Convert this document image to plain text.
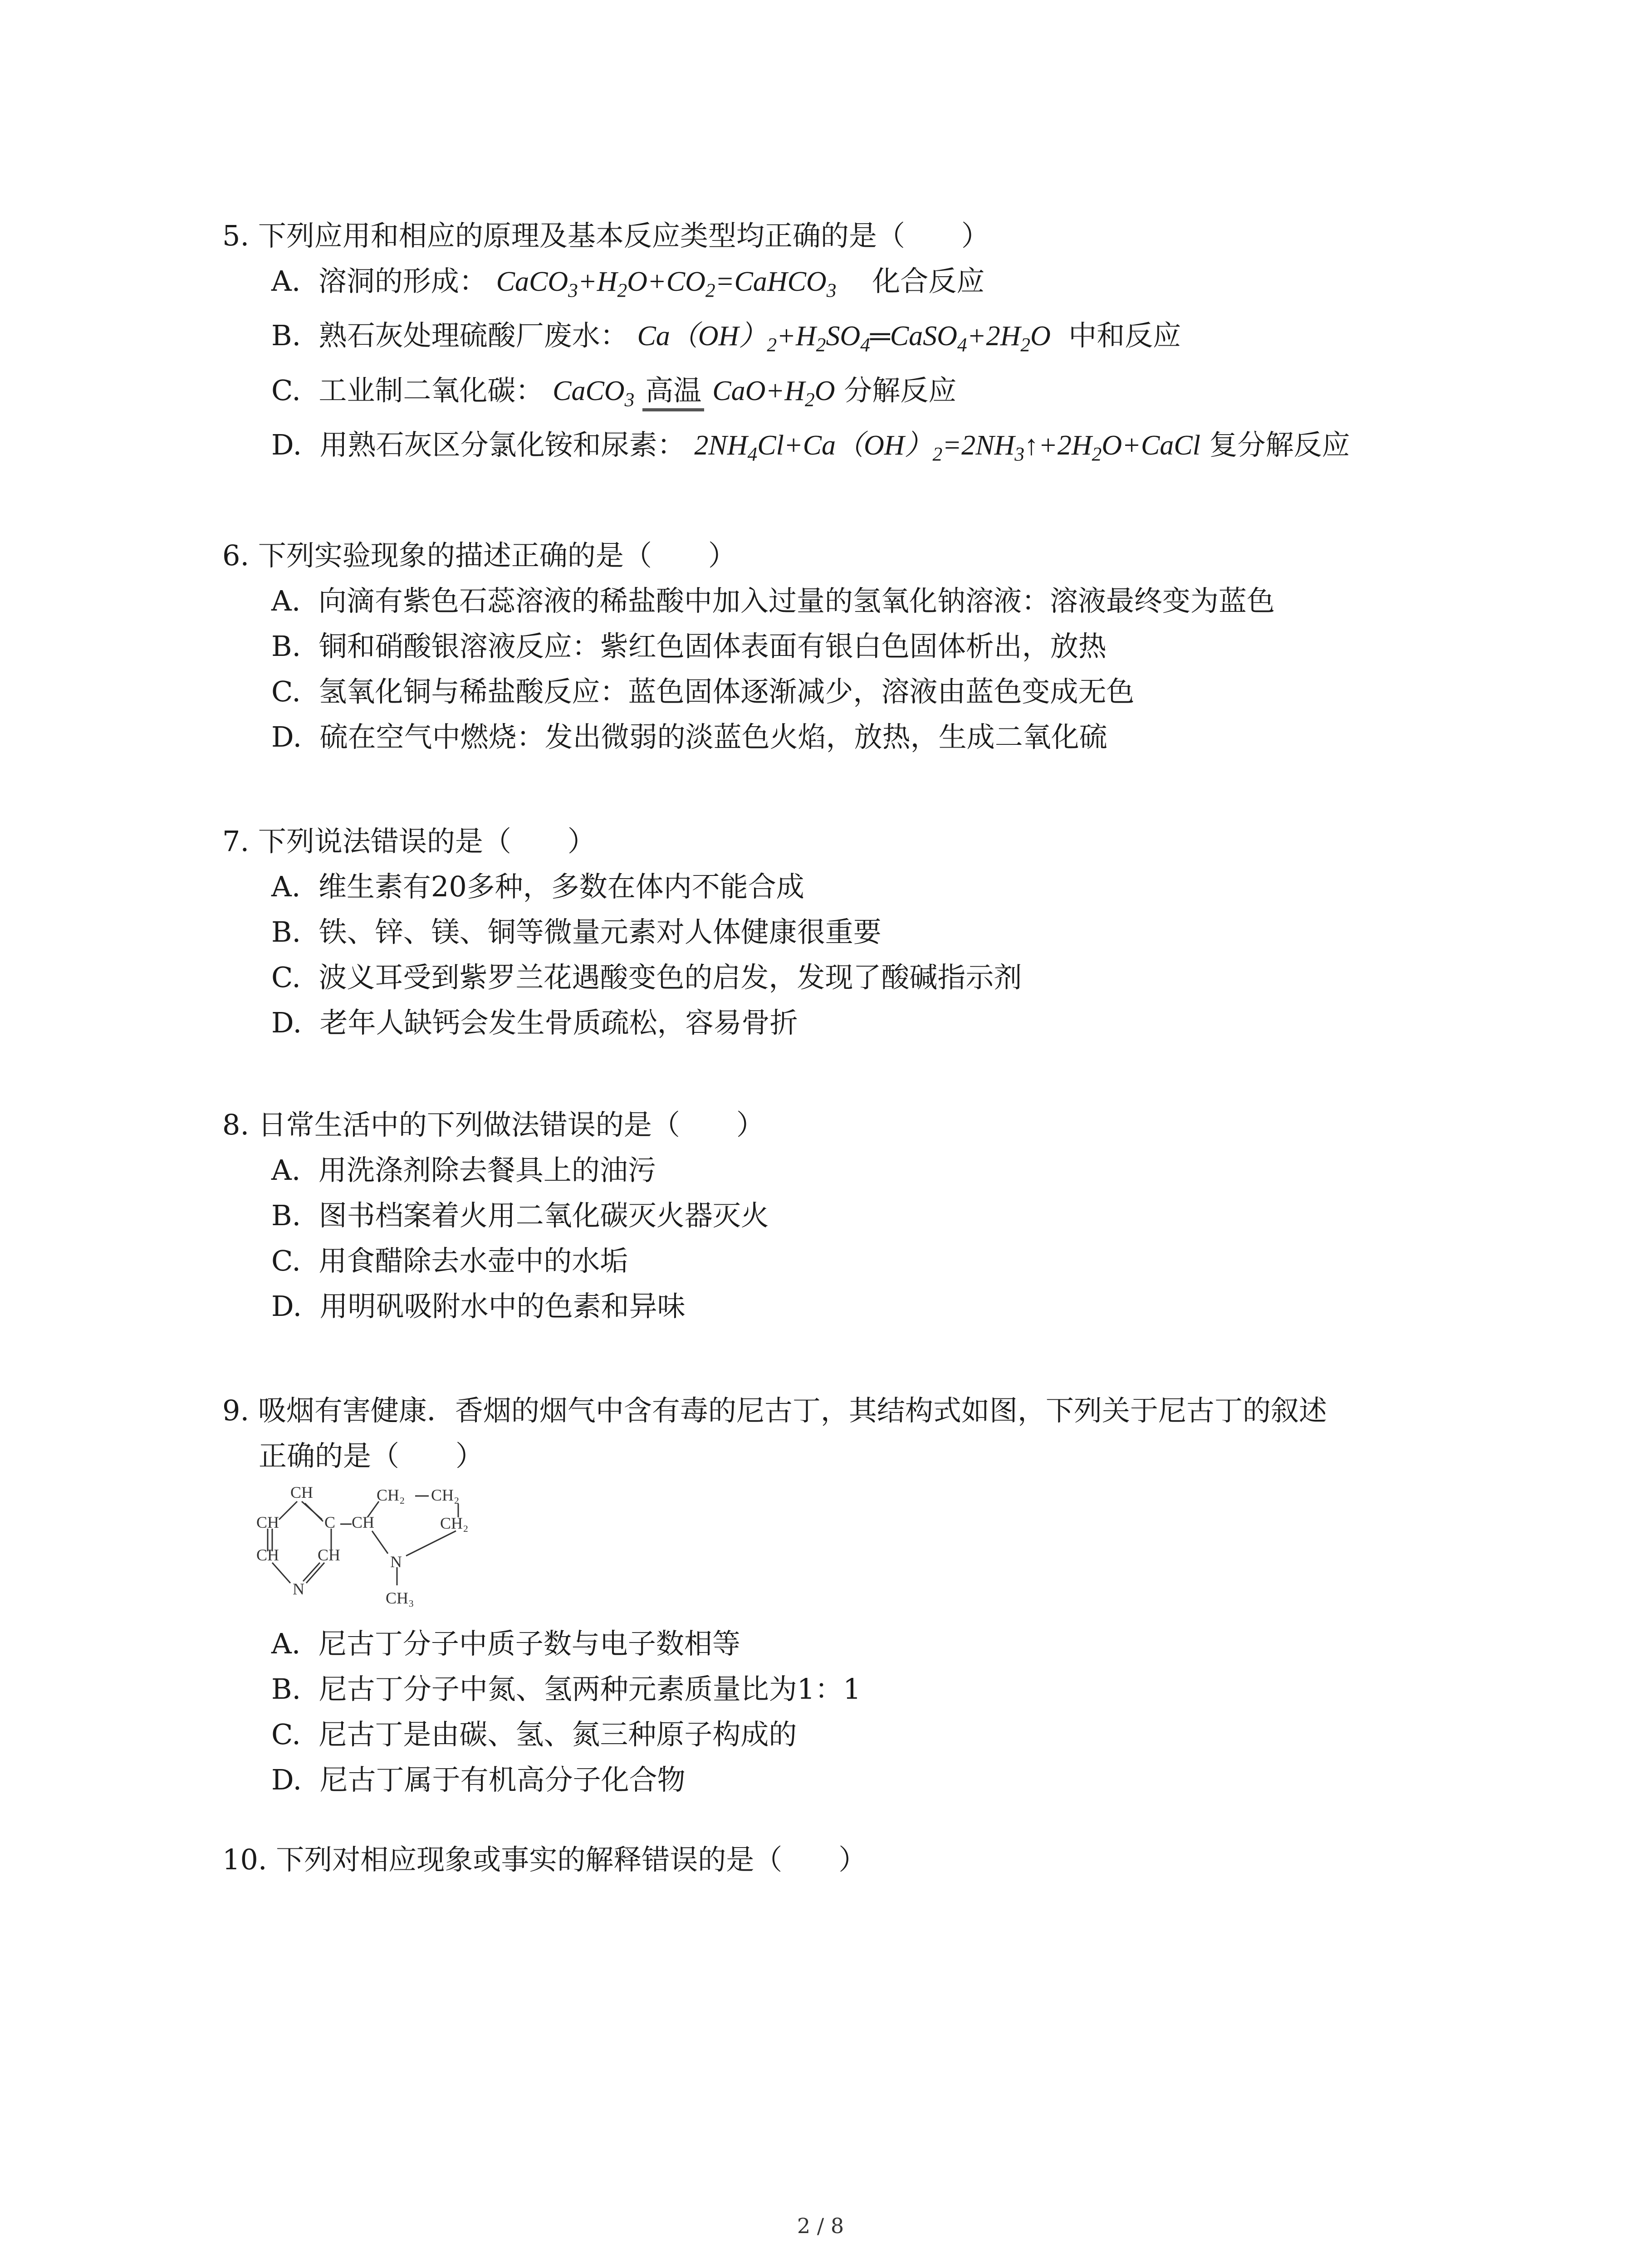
5. 下列应用和相应的原理及基本反应类型均正确的是（　　）
A. 溶洞的形成： $CaCO_3+H_2O+CO_2=CaHCO_3$ 化合反应
B. 熟石灰处理硫酸厂废水： $Ca(OH)_2+H_2SO_4═CaSO_4+2H_2O$ 中和反应
C. 工业制二氧化碳： CaCO$_3$ 高温 $CaO+H_2O$ 分解反应
D. 用熟石灰区分氯化铵和尿素： $2NH_4Cl+Ca(OH)_2=2NH_3↑+2H_2O+CaCl$ 复分解反应
6. 下列实验现象的描述正确的是（　　）
A. 向滴有紫色石蕊溶液的稀盐酸中加入过量的氢氧化钠溶液：溶液最终变为蓝色
B. 铜和硝酸银溶液反应：紫红色固体表面有银白色固体析出，放热
C. 氢氧化铜与稀盐酸反应：蓝色固体逐渐减少，溶液由蓝色变成无色
D. 硫在空气中燃烧：发出微弱的淡蓝色火焰，放热，生成二氧化硫
7. 下列说法错误的是（　　）
A. 维生素有20多种，多数在体内不能合成
B. 铁、锌、镁、铜等微量元素对人体健康很重要
C. 波义耳受到紫罗兰花遇酸变色的启发，发现了酸碱指示剂
D. 老年人缺钙会发生骨质疏松，容易骨折
8. 日常生活中的下列做法错误的是（　　）
A. 用洗涤剂除去餐具上的油污
B. 图书档案着火用二氧化碳灭火器灭火
C. 用食醋除去水壶中的水垢
D. 用明矾吸附水中的色素和异味
9. 吸烟有害健康．香烟的烟气中含有毒的尼古丁，其结构式如图，下列关于尼古丁的叙述
正确的是（　　）
CH	CH₂ CH₂
CH	C CH	CH₂
CH CH	N
N	CH₃
A. 尼古丁分子中质子数与电子数相等
B. 尼古丁分子中氮、氢两种元素质量比为1：1
C. 尼古丁是由碳、氢、氮三种原子构成的
D. 尼古丁属于有机高分子化合物
10. 下列对相应现象或事实的解释错误的是（　　）
2 / 8
